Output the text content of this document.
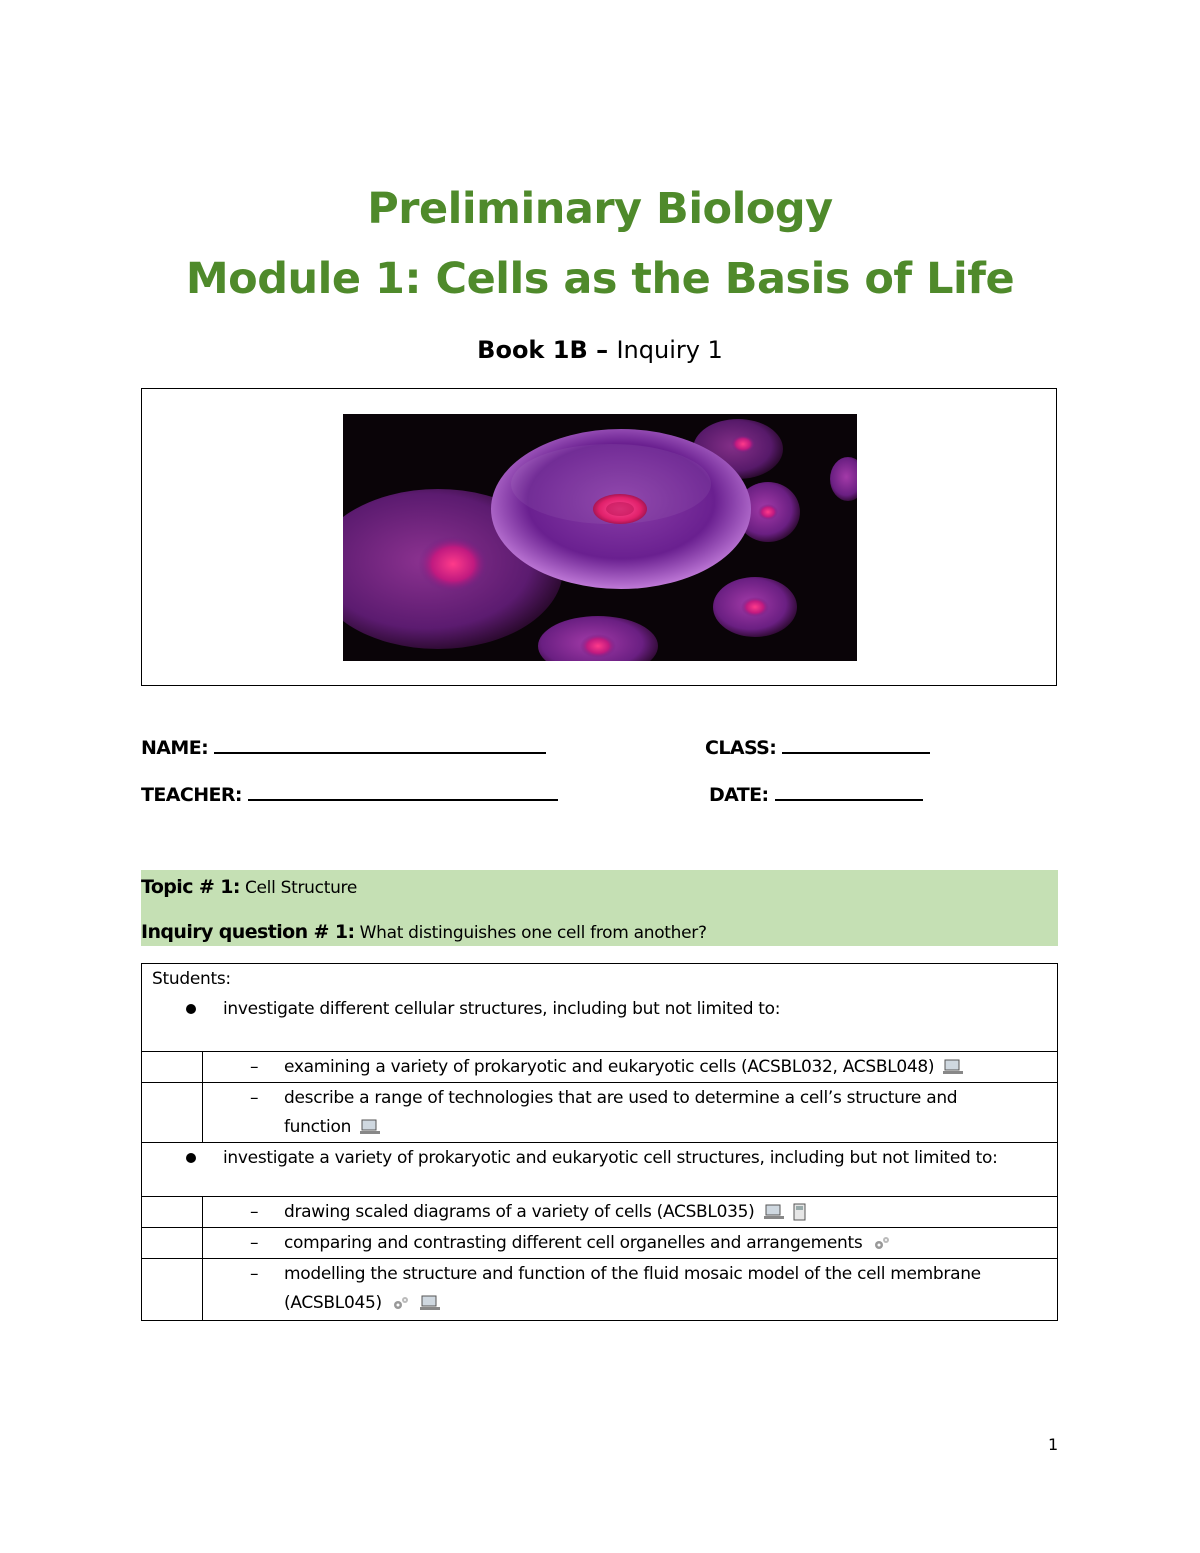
Preliminary Biology
Module 1: Cells as the Basis of Life
Book 1B – Inquiry 1
NAME:	CLASS:
TEACHER:	DATE:
Topic # 1: Cell Structure
Inquiry question # 1: What distinguishes one cell from another?
Students:
investigate different cellular structures, including but not limited to:
– examining a variety of prokaryotic and eukaryotic cells (ACSBL032, ACSBL048)
– describe a range of technologies that are used to determine a cell’s structure and
function
investigate a variety of prokaryotic and eukaryotic cell structures, including but not limited to:
– drawing scaled diagrams of a variety of cells (ACSBL035)
– comparing and contrasting different cell organelles and arrangements
– modelling the structure and function of the fluid mosaic model of the cell membrane
(ACSBL045)
1
